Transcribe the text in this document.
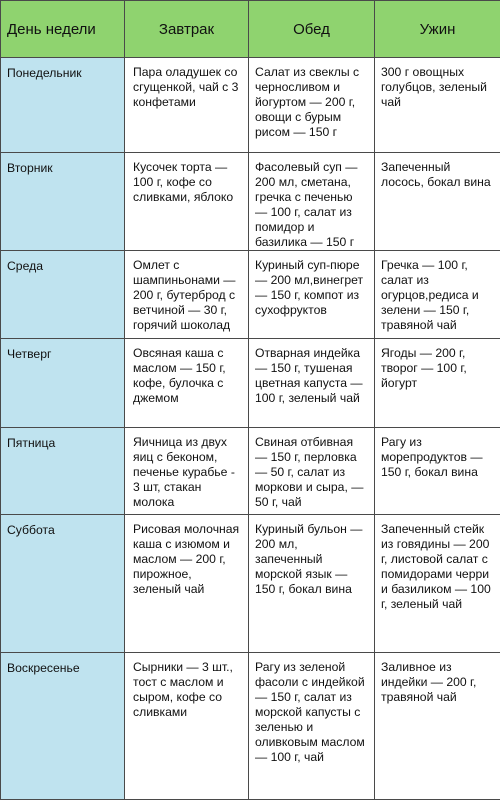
День недели	Завтрак	Обед	Ужин
Понедельник	Пара оладушек со сгущенкой, чай с 3 конфетами	Салат из свеклы с черносливом и йогуртом — 200 г, овощи с бурым рисом — 150 г	300 г овощных голубцов, зеленый чай
Вторник	Кусочек торта — 100 г, кофе со сливками, яблоко	Фасолевый суп — 200 мл, сметана, гречка с печенью — 100 г, салат из помидор и базилика — 150 г	Запеченный лосось, бокал вина
Среда	Омлет с шампиньонами — 200 г, бутерброд с ветчиной — 30 г, горячий шоколад	Куриный суп-пюре — 200 мл,винегрет — 150 г, компот из сухофруктов	Гречка — 100 г, салат из огурцов,редиса и зелени — 150 г, травяной чай
Четверг	Овсяная каша с маслом — 150 г, кофе, булочка с джемом	Отварная индейка — 150 г, тушеная цветная капуста — 100 г, зеленый чай	Ягоды — 200 г, творог — 100 г, йогурт
Пятница	Яичница из двух яиц с беконом, печенье курабье - 3 шт, стакан молока	Свиная отбивная — 150 г, перловка — 50 г, салат из моркови и сыра, — 50 г, чай	Рагу из морепродуктов — 150 г, бокал вина
Суббота	Рисовая молочная каша с изюмом и маслом — 200 г, пирожное, зеленый чай	Куриный бульон — 200 мл, запеченный морской язык — 150 г, бокал вина	Запеченный стейк из говядины — 200 г, листовой салат с помидорами черри и базиликом — 100 г, зеленый чай
Воскресенье	Сырники — 3 шт., тост с маслом и сыром, кофе со сливками	Рагу из зеленой фасоли с индейкой — 150 г, салат из морской капусты с зеленью и оливковым маслом — 100 г, чай	Заливное из индейки — 200 г, травяной чай
